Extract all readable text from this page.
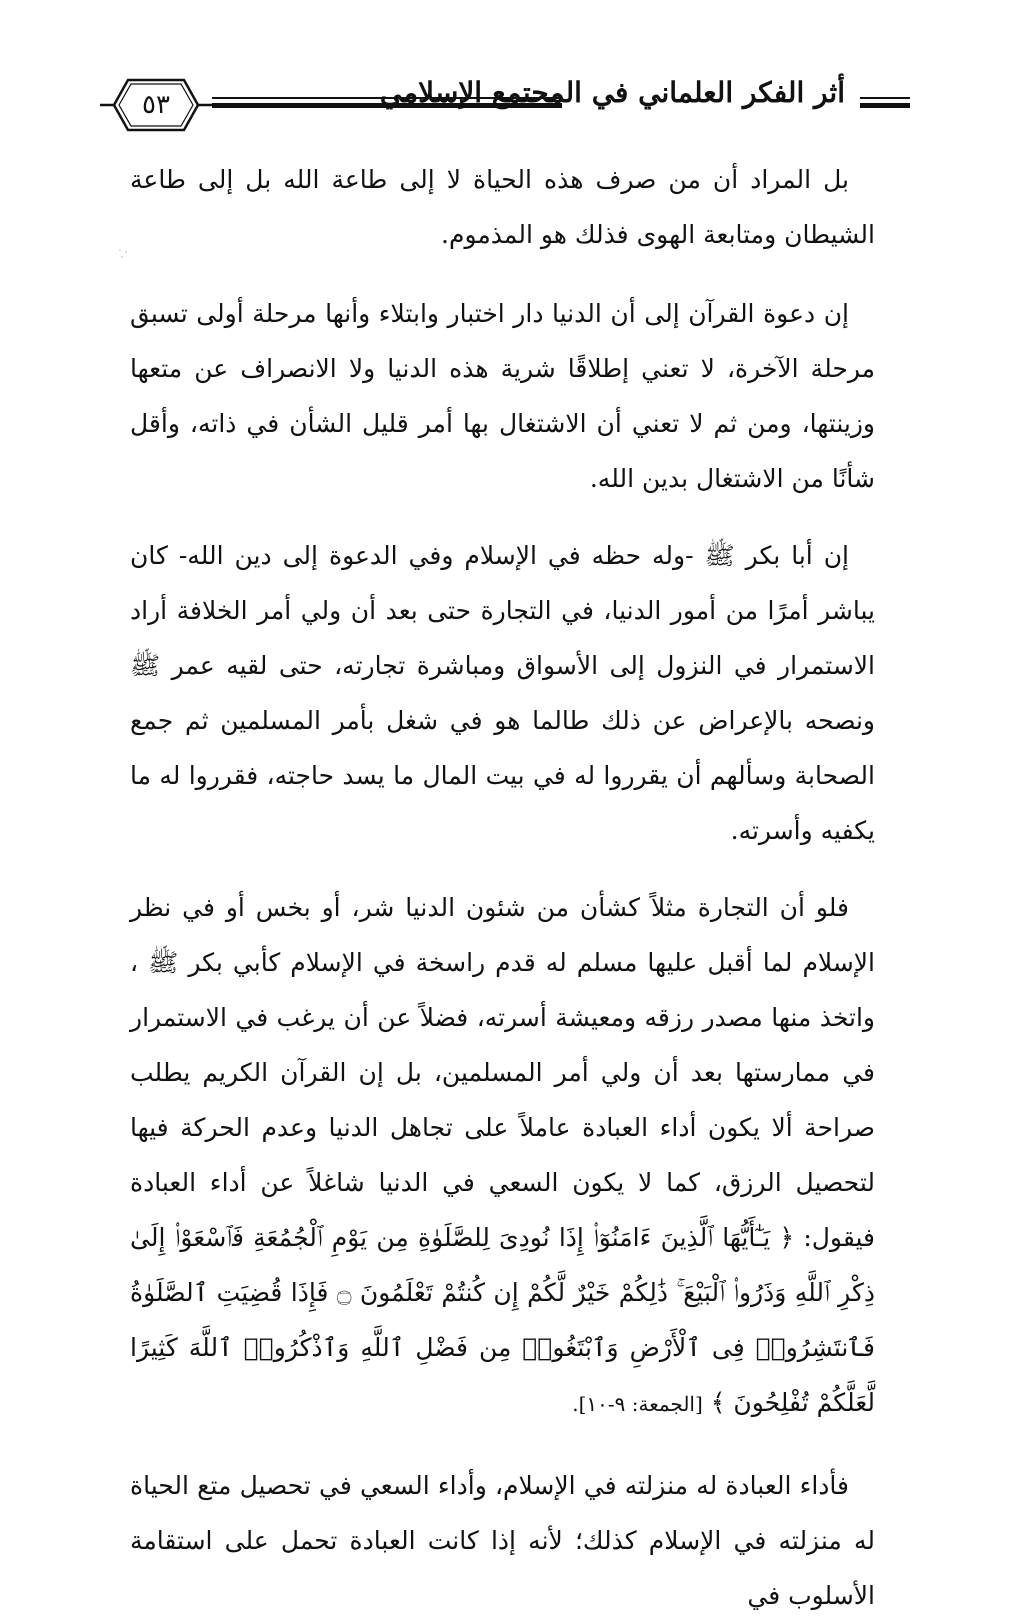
٥٣	أثر الفكر العلماني في المجتمع الإسلامي

بل المراد أن من صرف هذه الحياة لا إلى طاعة الله بل إلى طاعة الشيطان ومتابعة الهوى فذلك هو المذموم.

إن دعوة القرآن إلى أن الدنيا دار اختبار وابتلاء وأنها مرحلة أولى تسبق مرحلة الآخرة، لا تعني إطلاقًا شرية هذه الدنيا ولا الانصراف عن متعها وزينتها، ومن ثم لا تعني أن الاشتغال بها أمر قليل الشأن في ذاته، وأقل شأنًا من الاشتغال بدين الله.

إن أبا بكر ﷺ -وله حظه في الإسلام وفي الدعوة إلى دين الله- كان يباشر أمرًا من أمور الدنيا، في التجارة حتى بعد أن ولي أمر الخلافة أراد الاستمرار في النزول إلى الأسواق ومباشرة تجارته، حتى لقيه عمر ﷺ ونصحه بالإعراض عن ذلك طالما هو في شغل بأمر المسلمين ثم جمع الصحابة وسألهم أن يقرروا له في بيت المال ما يسد حاجته، فقرروا له ما يكفيه وأسرته.

فلو أن التجارة مثلاً كشأن من شئون الدنيا شر، أو بخس أو في نظر الإسلام لما أقبل عليها مسلم له قدم راسخة في الإسلام كأبي بكر ﷺ ، واتخذ منها مصدر رزقه ومعيشة أسرته، فضلاً عن أن يرغب في الاستمرار في ممارستها بعد أن ولي أمر المسلمين، بل إن القرآن الكريم يطلب صراحة ألا يكون أداء العبادة عاملاً على تجاهل الدنيا وعدم الحركة فيها لتحصيل الرزق، كما لا يكون السعي في الدنيا شاغلاً عن أداء العبادة فيقول: ﴿ يَـٰٓأَيُّهَا ٱلَّذِينَ ءَامَنُوٓا۟ إِذَا نُودِىَ لِلصَّلَوٰةِ مِن يَوْمِ ٱلْجُمُعَةِ فَٱسْعَوْا۟ إِلَىٰ ذِكْرِ ٱللَّهِ وَذَرُوا۟ ٱلْبَيْعَ ۚ ذَٰلِكُمْ خَيْرٌ لَّكُمْ إِن كُنتُمْ تَعْلَمُونَ ۝ فَإِذَا قُضِيَتِ ٱلصَّلَوٰةُ فَٱنتَشِرُوا۟ فِى ٱلْأَرْضِ وَٱبْتَغُوا۟ مِن فَضْلِ ٱللَّهِ وَٱذْكُرُوا۟ ٱللَّهَ كَثِيرًا لَّعَلَّكُمْ تُفْلِحُونَ ﴾ [الجمعة: ٩-١٠].

فأداء العبادة له منزلته في الإسلام، وأداء السعي في تحصيل متع الحياة له منزلته في الإسلام كذلك؛ لأنه إذا كانت العبادة تحمل على استقامة الأسلوب في
